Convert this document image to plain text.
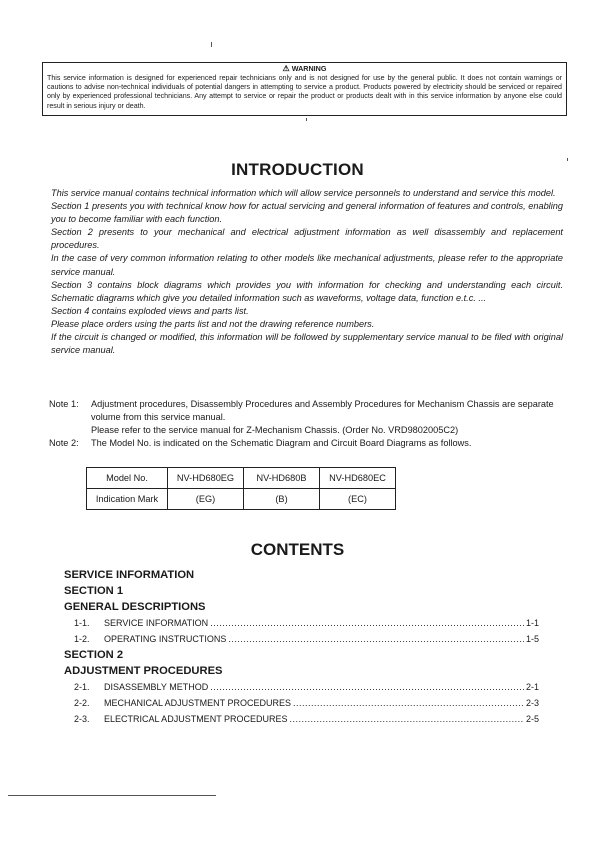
⚠ WARNING
This service information is designed for experienced repair technicians only and is not designed for use by the general public. It does not contain warnings or cautions to advise non-technical individuals of potential dangers in attempting to service a product. Products powered by electricity should be serviced or repaired only by experienced professional technicians. Any attempt to service or repair the product or products dealt with in this service information by anyone else could result in serious injury or death.
INTRODUCTION

This service manual contains technical information which will allow service personnels to understand and service this model.

Section 1 presents you with technical know how for actual servicing and general information of features and controls, enabling you to become familiar with each function.

Section 2 presents to your mechanical and electrical adjustment information as well disassembly and replacement procedures.

In the case of very common information relating to other models like mechanical adjustments, please refer to the appropriate service manual.

Section 3 contains block diagrams which provides you with information for checking and understanding each circuit. Schematic diagrams which give you detailed information such as waveforms, voltage data, function e.t.c. ...

Section 4 contains exploded views and parts list.

Please place orders using the parts list and not the drawing reference numbers.

If the circuit is changed or modified, this information will be followed by supplementary service manual to be filed with original service manual.

Note 1:	Adjustment procedures, Disassembly Procedures and Assembly Procedures for Mechanism Chassis are separate volume from this service manual.
Please refer to the service manual for Z-Mechanism Chassis. (Order No. VRD9802005C2)
Note 2:	The Model No. is indicated on the Schematic Diagram and Circuit Board Diagrams as follows.
Model No.	NV-HD680EG	NV-HD680B	NV-HD680EC
Indication Mark	(EG)	(B)	(EC)
CONTENTS
SERVICE INFORMATION
SECTION 1
GENERAL DESCRIPTIONS
1-1.	SERVICE INFORMATION .....	1-1
1-2.	OPERATING INSTRUCTIONS .....	1-5
SECTION 2
ADJUSTMENT PROCEDURES
2-1.	DISASSEMBLY METHOD .....	2-1
2-2.	MECHANICAL ADJUSTMENT PROCEDURES .....	2-3
2-3.	ELECTRICAL ADJUSTMENT PROCEDURES .....	2-5
